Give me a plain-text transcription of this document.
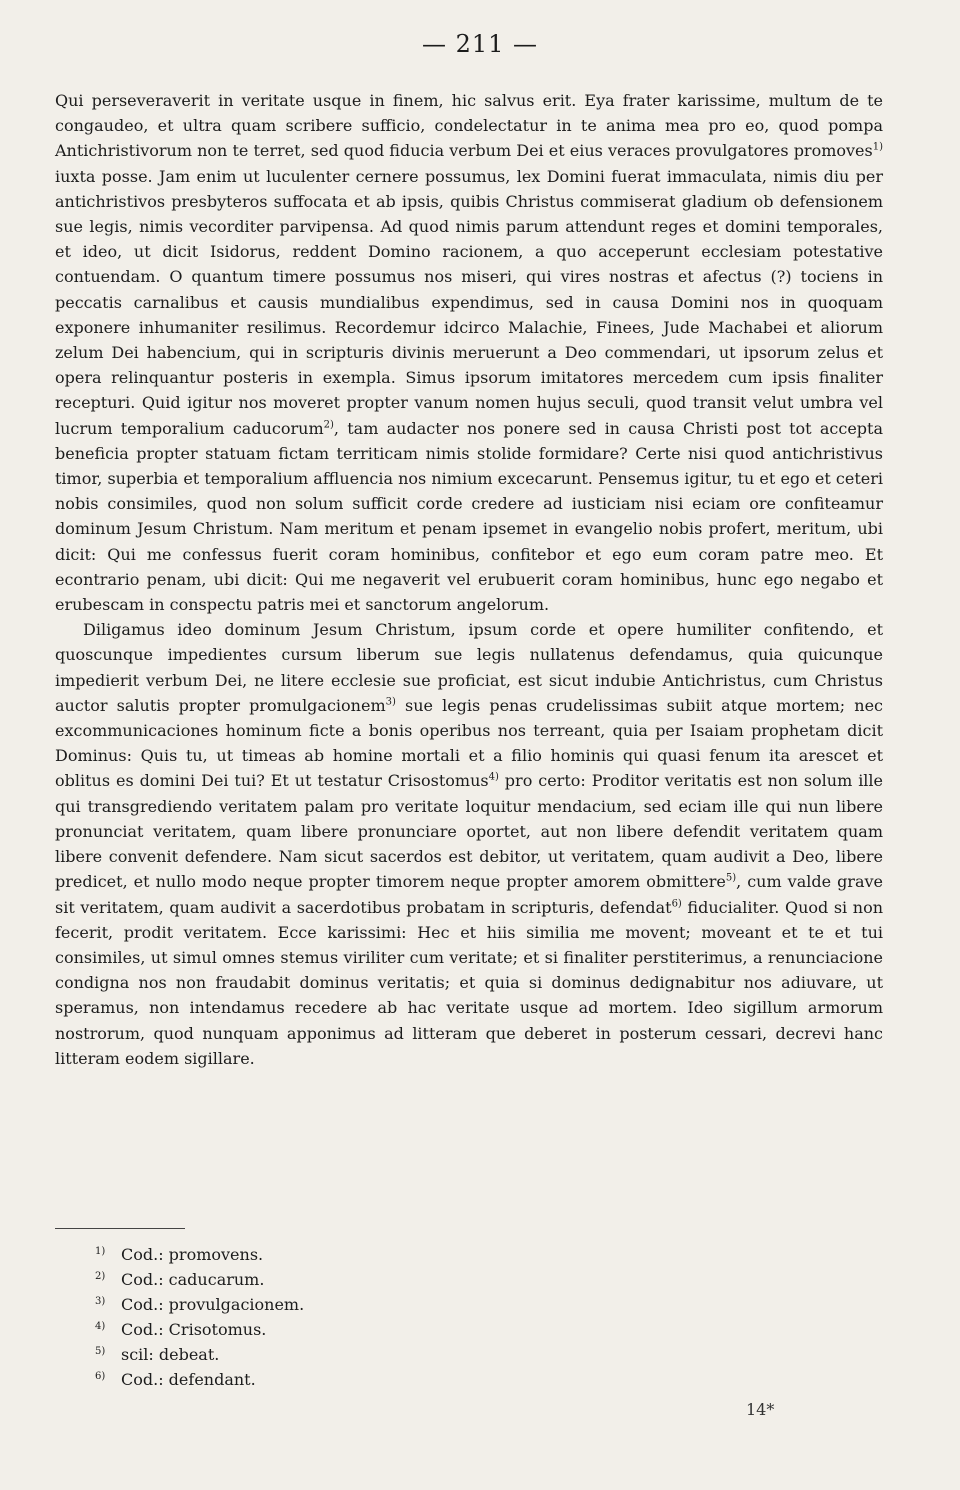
— 211 —

Qui perseveraverit in veritate usque in finem, hic salvus erit. Eya frater karissime, multum de te congaudeo, et ultra quam scribere sufficio, condelectatur in te anima mea pro eo, quod pompa Antichristivorum non te terret, sed quod fiducia verbum Dei et eius veraces provulgatores promoves$^{1)}$ iuxta posse. Jam enim ut luculenter cernere possumus, lex Domini fuerat immaculata, nimis diu per antichristivos presbyteros suffocata et ab ipsis, quibis Christus commiserat gladium ob defensionem sue legis, nimis vecorditer parvipensa. Ad quod nimis parum attendunt reges et domini temporales, et ideo, ut dicit Isidorus, reddent Domino racionem, a quo acceperunt ecclesiam potestative contuendam. O quantum timere possumus nos miseri, qui vires nostras et afectus (?) tociens in peccatis carnalibus et causis mundialibus expendimus, sed in causa Domini nos in quoquam exponere inhumaniter resilimus. Recordemur idcirco Malachie, Finees, Jude Machabei et aliorum zelum Dei habencium, qui in scripturis divinis meruerunt a Deo commendari, ut ipsorum zelus et opera relinquantur posteris in exempla. Simus ipsorum imitatores mercedem cum ipsis finaliter recepturi. Quid igitur nos moveret propter vanum nomen hujus seculi, quod transit velut umbra vel lucrum temporalium caducorum$^{2)}$, tam audacter nos ponere sed in causa Christi post tot accepta beneficia propter statuam fictam territicam nimis stolide formidare? Certe nisi quod antichristivus timor, superbia et temporalium affluencia nos nimium excecarunt. Pensemus igitur, tu et ego et ceteri nobis consimiles, quod non solum sufficit corde credere ad iusticiam nisi eciam ore confiteamur dominum Jesum Christum. Nam meritum et penam ipsemet in evangelio nobis profert, meritum, ubi dicit: Qui me confessus fuerit coram hominibus, confitebor et ego eum coram patre meo. Et econtrario penam, ubi dicit: Qui me negaverit vel erubuerit coram hominibus, hunc ego negabo et erubescam in conspectu patris mei et sanctorum angelorum.

Diligamus ideo dominum Jesum Christum, ipsum corde et opere humiliter confitendo, et quoscunque impedientes cursum liberum sue legis nullatenus defendamus, quia quicunque impedierit verbum Dei, ne litere ecclesie sue proficiat, est sicut indubie Antichristus, cum Christus auctor salutis propter promulgacionem$^{3)}$ sue legis penas crudelissimas subiit atque mortem; nec excommunicaciones hominum ficte a bonis operibus nos terreant, quia per Isaiam prophetam dicit Dominus: Quis tu, ut timeas ab homine mortali et a filio hominis qui quasi fenum ita arescet et oblitus es domini Dei tui? Et ut testatur Crisostomus$^{4)}$ pro certo: Proditor veritatis est non solum ille qui transgrediendo veritatem palam pro veritate loquitur mendacium, sed eciam ille qui nun libere pronunciat veritatem, quam libere pronunciare oportet, aut non libere defendit veritatem quam libere convenit defendere. Nam sicut sacerdos est debitor, ut veritatem, quam audivit a Deo, libere predicet, et nullo modo neque propter timorem neque propter amorem obmittere$^{5)}$, cum valde grave sit veritatem, quam audivit a sacerdotibus probatam in scripturis, defendat$^{6)}$ fiducialiter. Quod si non fecerit, prodit veritatem. Ecce karissimi: Hec et hiis similia me movent; moveant et te et tui consimiles, ut simul omnes stemus viriliter cum veritate; et si finaliter perstiterimus, a renunciacione condigna nos non fraudabit dominus veritatis; et quia si dominus dedignabitur nos adiuvare, ut speramus, non intendamus recedere ab hac veritate usque ad mortem. Ideo sigillum armorum nostrorum, quod nunquam apponimus ad litteram que deberet in posterum cessari, decrevi hanc litteram eodem sigillare.

$^{1)}$ Cod.: promovens.
$^{2)}$ Cod.: caducarum.
$^{3)}$ Cod.: provulgacionem.
$^{4)}$ Cod.: Crisotomus.
$^{5)}$ scil: debeat.
$^{6)}$ Cod.: defendant.
14*
